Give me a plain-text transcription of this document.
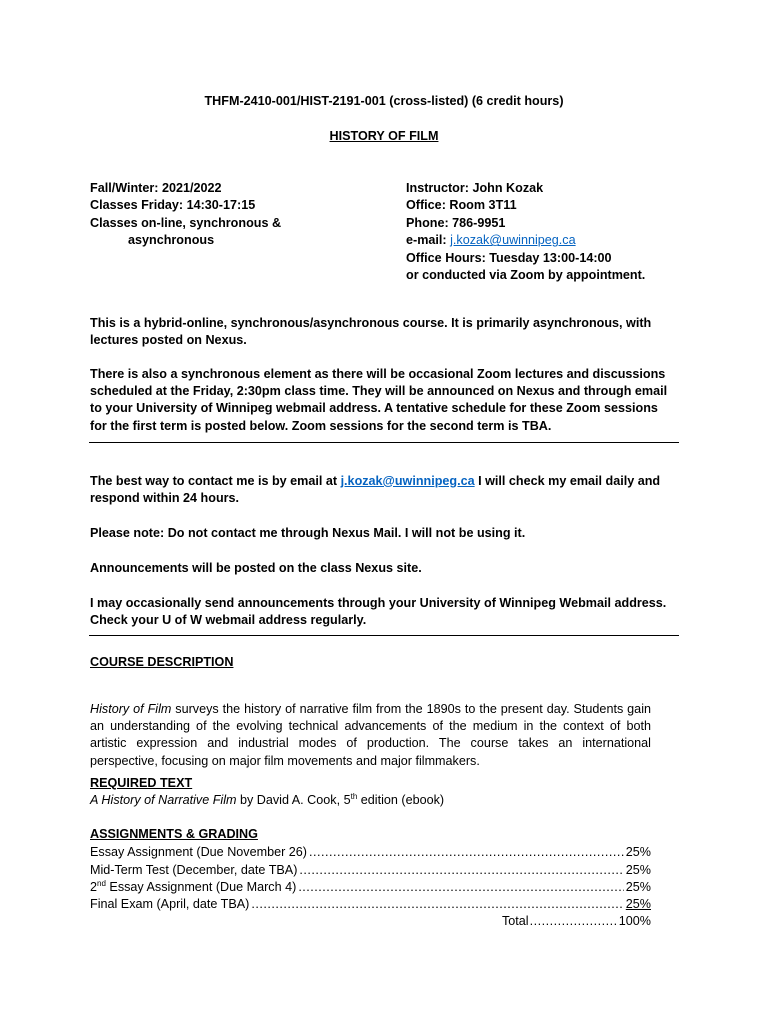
THFM-2410-001/HIST-2191-001 (cross-listed) (6 credit hours)

HISTORY OF FILM

Fall/Winter: 2021/2022
Classes Friday: 14:30-17:15
Classes on-line, synchronous &
asynchronous
Instructor: John Kozak
Office: Room 3T11
Phone: 786-9951
e-mail: j.kozak@uwinnipeg.ca
Office Hours: Tuesday 13:00-14:00
or conducted via Zoom by appointment.

This is a hybrid-online, synchronous/asynchronous course. It is primarily asynchronous, with lectures posted on Nexus.

There is also a synchronous element as there will be occasional Zoom lectures and discussions scheduled at the Friday, 2:30pm class time. They will be announced on Nexus and through email to your University of Winnipeg webmail address. A tentative schedule for these Zoom sessions for the first term is posted below. Zoom sessions for the second term is TBA.

The best way to contact me is by email at j.kozak@uwinnipeg.ca I will check my email daily and respond within 24 hours.

Please note: Do not contact me through Nexus Mail. I will not be using it.

Announcements will be posted on the class Nexus site.

I may occasionally send announcements through your University of Winnipeg Webmail address. Check your U of W webmail address regularly.

COURSE DESCRIPTION

History of Film surveys the history of narrative film from the 1890s to the present day. Students gain an understanding of the evolving technical advancements of the medium in the context of both artistic expression and industrial modes of production. The course takes an international perspective, focusing on major film movements and major filmmakers.

REQUIRED TEXT

A History of Narrative Film by David A. Cook, 5th edition (ebook)

ASSIGNMENTS & GRADING

Essay Assignment (Due November 26) .....	25%
Mid-Term Test (December, date TBA) .....	25%
2nd Essay Assignment (Due March 4) .....	25%
Final Exam (April, date TBA) .....	25%
Total .....	100%
